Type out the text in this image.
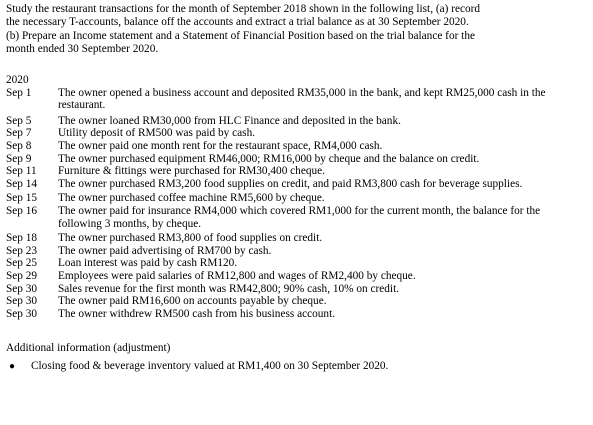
Study the restaurant transactions for the month of September 2018 shown in the following list, (a) record

the necessary T-accounts, balance off the accounts and extract a trial balance as at 30 September 2020.

(b) Prepare an Income statement and a Statement of Financial Position based on the trial balance for the

month ended 30 September 2020.

2020
Sep 1	The owner opened a business account and deposited RM35,000 in the bank, and kept RM25,000 cash in the restaurant.
Sep 5	The owner loaned RM30,000 from HLC Finance and deposited in the bank.
Sep 7	Utility deposit of RM500 was paid by cash.
Sep 8	The owner paid one month rent for the restaurant space, RM4,000 cash.
Sep 9	The owner purchased equipment RM46,000; RM16,000 by cheque and the balance on credit.
Sep 11	Furniture & fittings were purchased for RM30,400 cheque.
Sep 14	The owner purchased RM3,200 food supplies on credit, and paid RM3,800 cash for beverage supplies.
Sep 15	The owner purchased coffee machine RM5,600 by cheque.
Sep 16	The owner paid for insurance RM4,000 which covered RM1,000 for the current month, the balance for the following 3 months, by cheque.
Sep 18	The owner purchased RM3,800 of food supplies on credit.
Sep 23	The owner paid advertising of RM700 by cash.
Sep 25	Loan interest was paid by cash RM120.
Sep 29	Employees were paid salaries of RM12,800 and wages of RM2,400 by cheque.
Sep 30	Sales revenue for the first month was RM42,800; 90% cash, 10% on credit.
Sep 30	The owner paid RM16,600 on accounts payable by cheque.
Sep 30	The owner withdrew RM500 cash from his business account.
Additional information (adjustment)
●	Closing food & beverage inventory valued at RM1,400 on 30 September 2020.
